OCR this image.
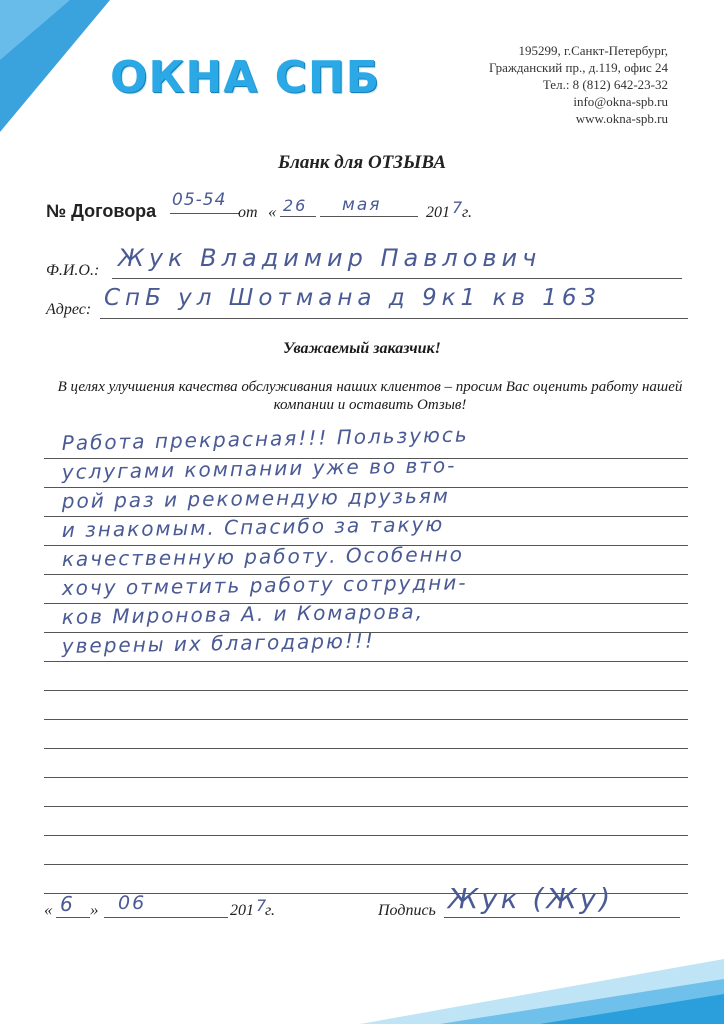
ОКНА СПБ
195299, г.Санкт-Петербург,
Гражданский пр., д.119, офис 24
Тел.: 8 (812) 642-23-32
info@okna-spb.ru
www.okna-spb.ru
Бланк для ОТЗЫВА
№ Договора
05-54
от « 26 мая	201 7 г.
Ф.И.О.: Жук Владимир Павлович
Адрес: СпБ ул Шотмана д 9к1 кв 163
Уважаемый заказчик!
В целях улучшения качества обслуживания наших клиентов – просим Вас оценить работу нашей компании и оставить Отзыв!
Работа прекрасная!!! Пользуюсь
услугами компании уже во вто-
рой раз и рекомендую друзьям
и знакомым. Спасибо за такую
качественную работу. Особенно
хочу отметить работу сотрудни-
ков Миронова А. и Комарова,
уверены их благодарю!!!
« 6 » 06	201 7
г.	Подпись Жук (Жу)
